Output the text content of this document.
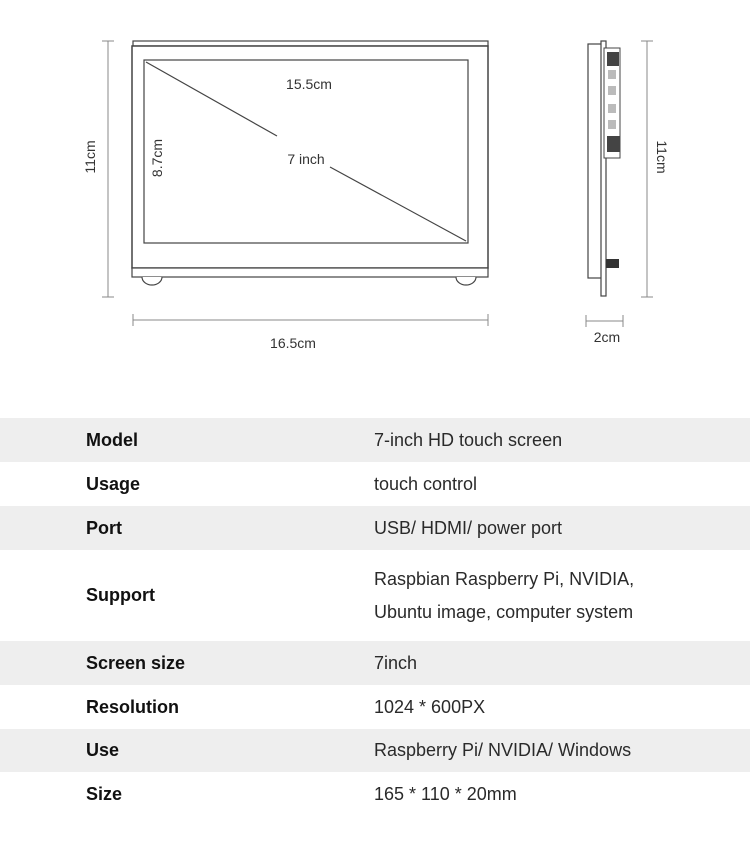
15.5cm
7 inch
8.7cm
11cm
16.5cm
11cm
2cm
Model	7-inch HD touch screen
Usage	touch control
Port	USB/ HDMI/ power port
Support	Raspbian Raspberry Pi, NVIDIA, Ubuntu image, computer system
Screen size	7inch
Resolution	1024 * 600PX
Use	Raspberry Pi/ NVIDIA/ Windows
Size	165 * 110 * 20mm
